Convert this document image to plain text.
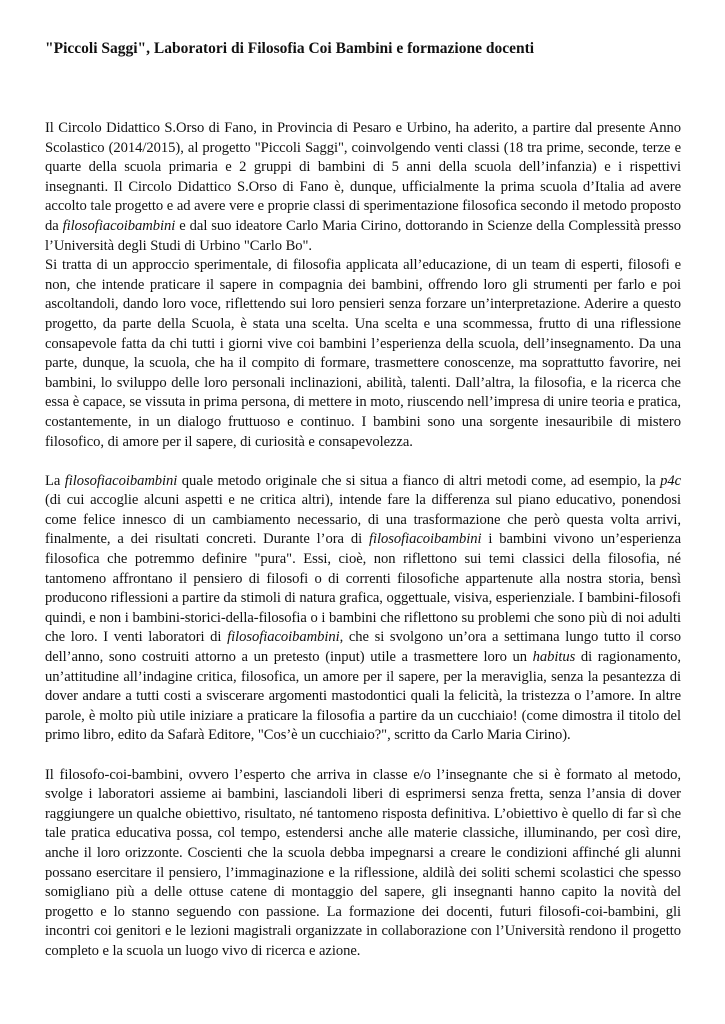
"Piccoli Saggi", Laboratori di Filosofia Coi Bambini e formazione docenti

Il Circolo Didattico S.Orso di Fano, in Provincia di Pesaro e Urbino, ha aderito, a partire dal presente Anno Scolastico (2014/2015), al progetto "Piccoli Saggi", coinvolgendo venti classi (18 tra prime, seconde, terze e quarte della scuola primaria e 2 gruppi di bambini di 5 anni della scuola dell’infanzia) e i rispettivi insegnanti. Il Circolo Didattico S.Orso di Fano è, dunque, ufficialmente la prima scuola d’Italia ad avere accolto tale progetto e ad avere vere e proprie classi di sperimentazione filosofica secondo il metodo proposto da filosofiacoibambini e dal suo ideatore Carlo Maria Cirino, dottorando in Scienze della Complessità presso l’Università degli Studi di Urbino "Carlo Bo".

Si tratta di un approccio sperimentale, di filosofia applicata all’educazione, di un team di esperti, filosofi e non, che intende praticare il sapere in compagnia dei bambini, offrendo loro gli strumenti per farlo e poi ascoltandoli, dando loro voce, riflettendo sui loro pensieri senza forzare un’interpretazione. Aderire a questo progetto, da parte della Scuola, è stata una scelta. Una scelta e una scommessa, frutto di una riflessione consapevole fatta da chi tutti i giorni vive coi bambini l’esperienza della scuola, dell’insegnamento. Da una parte, dunque, la scuola, che ha il compito di formare, trasmettere conoscenze, ma soprattutto favorire, nei bambini, lo sviluppo delle loro personali inclinazioni, abilità, talenti. Dall’altra, la filosofia, e la ricerca che essa è capace, se vissuta in prima persona, di mettere in moto, riuscendo nell’impresa di unire teoria e pratica, costantemente, in un dialogo fruttuoso e continuo. I bambini sono una sorgente inesauribile di mistero filosofico, di amore per il sapere, di curiosità e consapevolezza.

La filosofiacoibambini quale metodo originale che si situa a fianco di altri metodi come, ad esempio, la p4c (di cui accoglie alcuni aspetti e ne critica altri), intende fare la differenza sul piano educativo, ponendosi come felice innesco di un cambiamento necessario, di una trasformazione che però questa volta arrivi, finalmente, a dei risultati concreti. Durante l’ora di filosofiacoibambini i bambini vivono un’esperienza filosofica che potremmo definire "pura". Essi, cioè, non riflettono sui temi classici della filosofia, né tantomeno affrontano il pensiero di filosofi o di correnti filosofiche appartenute alla nostra storia, bensì producono riflessioni a partire da stimoli di natura grafica, oggettuale, visiva, esperienziale. I bambini-filosofi quindi, e non i bambini-storici-della-filosofia o i bambini che riflettono su problemi che sono più di noi adulti che loro. I venti laboratori di filosofiacoibambini, che si svolgono un’ora a settimana lungo tutto il corso dell’anno, sono costruiti attorno a un pretesto (input) utile a trasmettere loro un habitus di ragionamento, un’attitudine all’indagine critica, filosofica, un amore per il sapere, per la meraviglia, senza la pesantezza di dover andare a tutti costi a sviscerare argomenti mastodontici quali la felicità, la tristezza o l’amore. In altre parole, è molto più utile iniziare a praticare la filosofia a partire da un cucchiaio! (come dimostra il titolo del primo libro, edito da Safarà Editore, "Cos’è un cucchiaio?", scritto da Carlo Maria Cirino).

Il filosofo-coi-bambini, ovvero l’esperto che arriva in classe e/o l’insegnante che si è formato al metodo, svolge i laboratori assieme ai bambini, lasciandoli liberi di esprimersi senza fretta, senza l’ansia di dover raggiungere un qualche obiettivo, risultato, né tantomeno risposta definitiva. L’obiettivo è quello di far sì che tale pratica educativa possa, col tempo, estendersi anche alle materie classiche, illuminando, per così dire, anche il loro orizzonte. Coscienti che la scuola debba impegnarsi a creare le condizioni affinché gli alunni possano esercitare il pensiero, l’immaginazione e la riflessione, aldilà dei soliti schemi scolastici che spesso somigliano più a delle ottuse catene di montaggio del sapere, gli insegnanti hanno capito la novità del progetto e lo stanno seguendo con passione. La formazione dei docenti, futuri filosofi-coi-bambini, gli incontri coi genitori e le lezioni magistrali organizzate in collaborazione con l’Università rendono il progetto completo e la scuola un luogo vivo di ricerca e azione.
